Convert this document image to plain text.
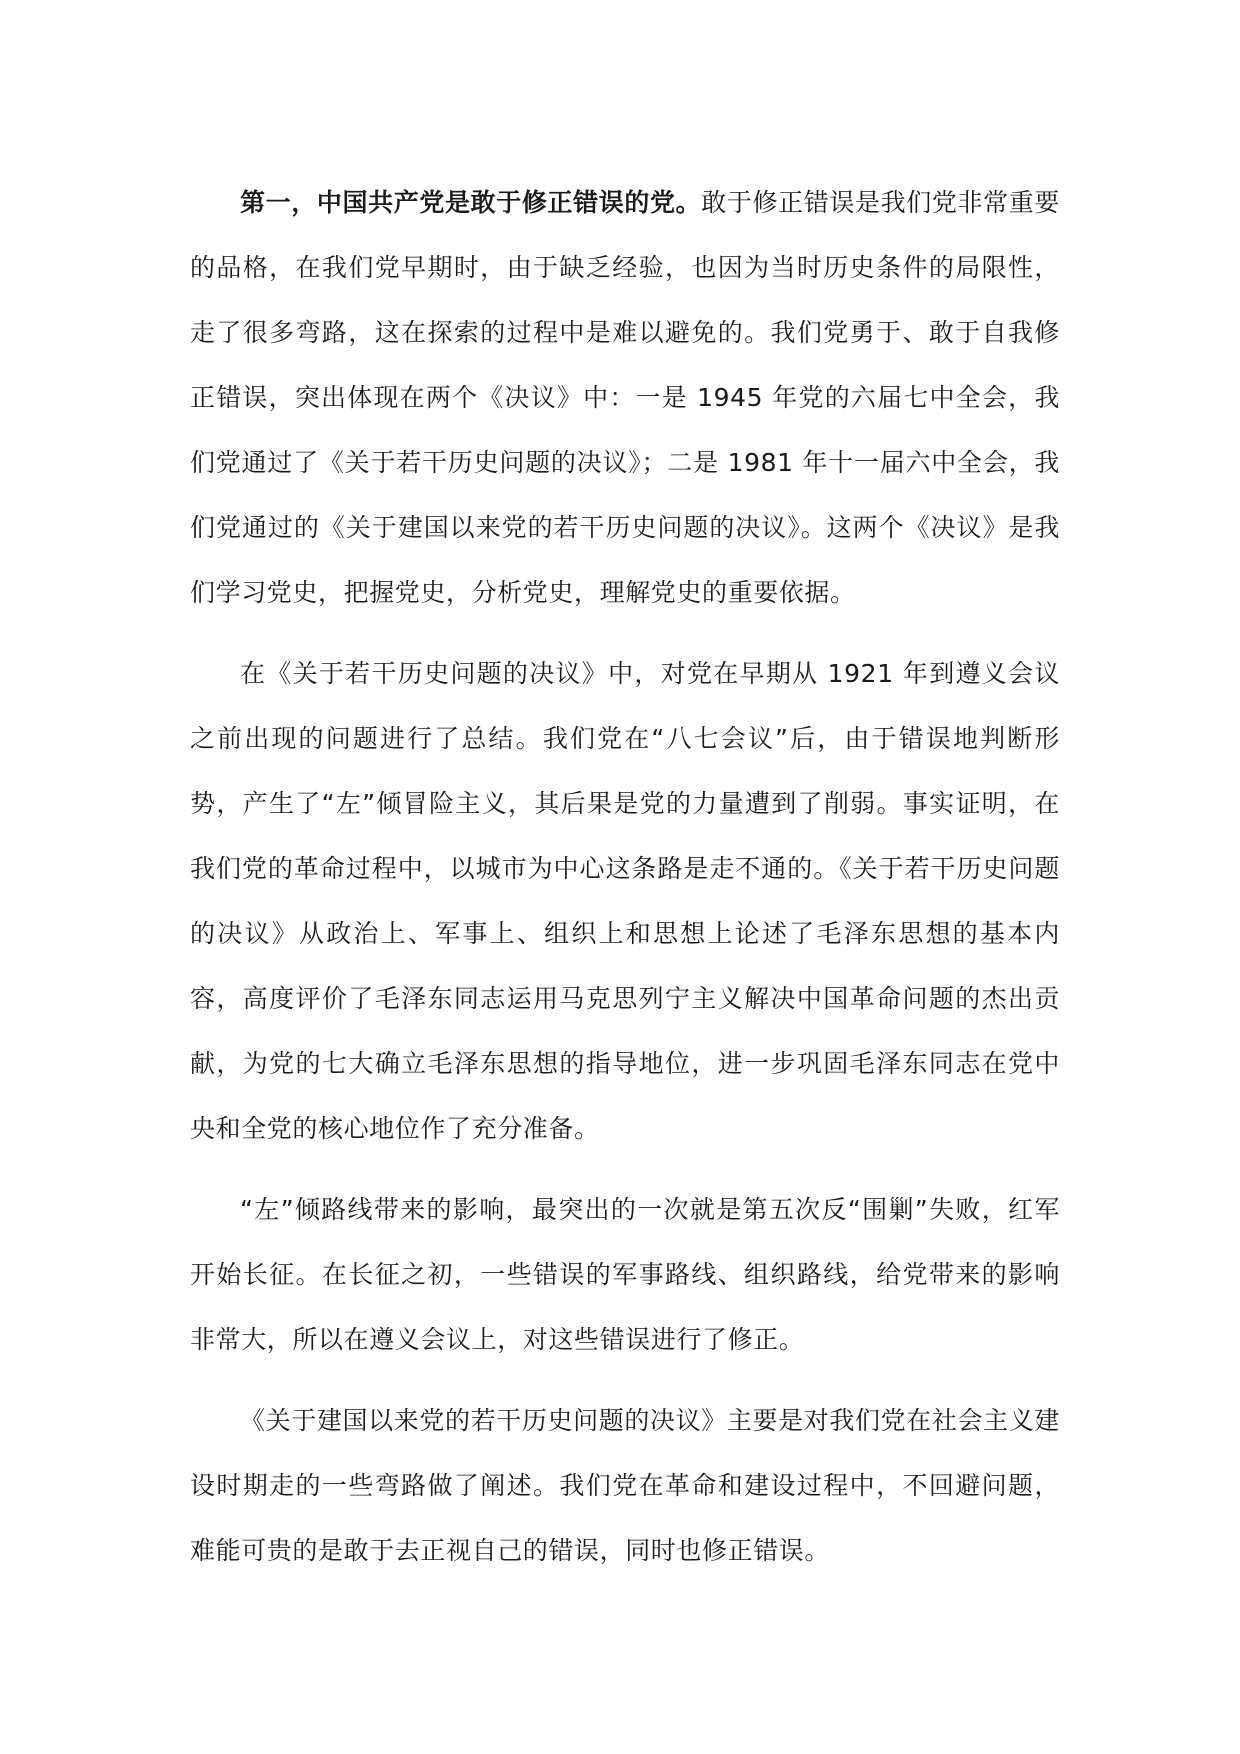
第一，中国共产党是敢于修正错误的党。敢于修正错误是我们党非常重要的品格，在我们党早期时，由于缺乏经验，也因为当时历史条件的局限性，走了很多弯路，这在探索的过程中是难以避免的。我们党勇于、敢于自我修正错误，突出体现在两个《决议》中：一是 1945 年党的六届七中全会，我们党通过了《关于若干历史问题的决议》；二是 1981 年十一届六中全会，我们党通过的《关于建国以来党的若干历史问题的决议》。这两个《决议》是我们学习党史，把握党史，分析党史，理解党史的重要依据。

在《关于若干历史问题的决议》中，对党在早期从 1921 年到遵义会议之前出现的问题进行了总结。我们党在“八七会议”后，由于错误地判断形势，产生了“左”倾冒险主义，其后果是党的力量遭到了削弱。事实证明，在我们党的革命过程中，以城市为中心这条路是走不通的。《关于若干历史问题的决议》从政治上、军事上、组织上和思想上论述了毛泽东思想的基本内容，高度评价了毛泽东同志运用马克思列宁主义解决中国革命问题的杰出贡献，为党的七大确立毛泽东思想的指导地位，进一步巩固毛泽东同志在党中央和全党的核心地位作了充分准备。

“左”倾路线带来的影响，最突出的一次就是第五次反“围剿”失败，红军开始长征。在长征之初，一些错误的军事路线、组织路线，给党带来的影响非常大，所以在遵义会议上，对这些错误进行了修正。

《关于建国以来党的若干历史问题的决议》主要是对我们党在社会主义建设时期走的一些弯路做了阐述。我们党在革命和建设过程中，不回避问题，难能可贵的是敢于去正视自己的错误，同时也修正错误。
